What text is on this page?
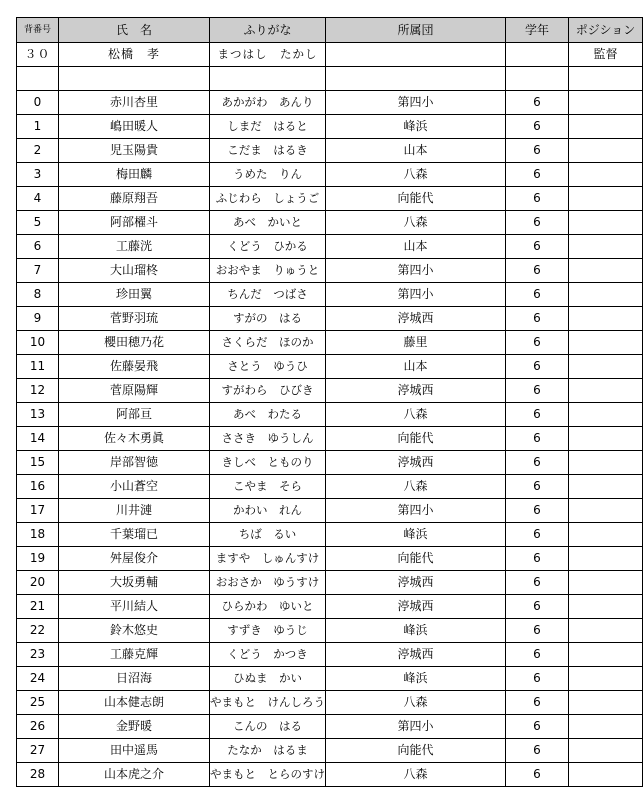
背番号	氏　名	ふりがな	所属団	学年	ポジション
３０	松橋　孝	まつはし　たかし			監督

0	赤川杏里	あかがわ　あんり	第四小	6	
1	嶋田暖人	しまだ　はると	峰浜	6	
2	児玉陽貴	こだま　はるき	山本	6	
3	梅田麟	うめた　りん	八森	6	
4	藤原翔吾	ふじわら　しょうご	向能代	6	
5	阿部櫂斗	あべ　かいと	八森	6	
6	工藤洸	くどう　ひかる	山本	6	
7	大山瑠柊	おおやま　りゅうと	第四小	6	
8	珍田翼	ちんだ　つばさ	第四小	6	
9	菅野羽琉	すがの　はる	渟城西	6	
10	櫻田穂乃花	さくらだ　ほのか	藤里	6	
11	佐藤晏飛	さとう　ゆうひ	山本	6	
12	菅原陽輝	すがわら　ひびき	渟城西	6	
13	阿部亘	あべ　わたる	八森	6	
14	佐々木勇眞	ささき　ゆうしん	向能代	6	
15	岸部智徳	きしべ　とものり	渟城西	6	
16	小山蒼空	こやま　そら	八森	6	
17	川井漣	かわい　れん	第四小	6	
18	千葉瑠已	ちば　るい	峰浜	6	
19	舛屋俊介	ますや　しゅんすけ	向能代	6	
20	大坂勇輔	おおさか　ゆうすけ	渟城西	6	
21	平川結人	ひらかわ　ゆいと	渟城西	6	
22	鈴木悠史	すずき　ゆうじ	峰浜	6	
23	工藤克輝	くどう　かつき	渟城西	6	
24	日沼海	ひぬま　かい	峰浜	6	
25	山本健志朗	やまもと　けんしろう	八森	6	
26	金野暖	こんの　はる	第四小	6	
27	田中遥馬	たなか　はるま	向能代	6	
28	山本虎之介	やまもと　とらのすけ	八森	6	
